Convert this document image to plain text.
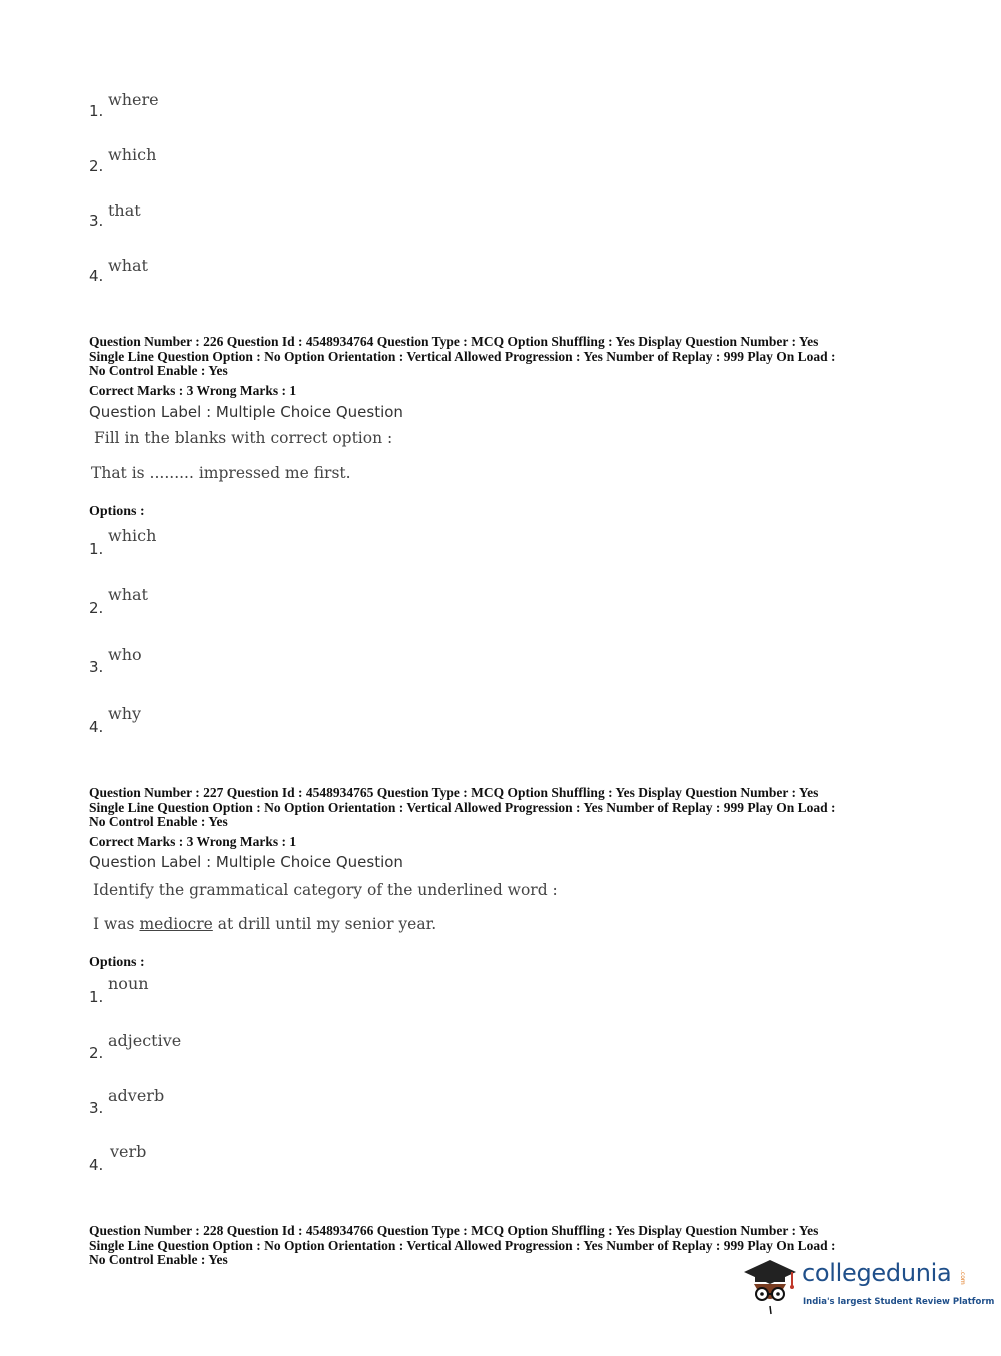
1.
where
2.
which
3.
that
4.
what
Question Number : 226 Question Id : 4548934764 Question Type : MCQ Option Shuffling : Yes Display Question Number : Yes
Single Line Question Option : No Option Orientation : Vertical Allowed Progression : Yes Number of Replay : 999 Play On Load :
No Control Enable : Yes
Correct Marks : 3 Wrong Marks : 1
Question Label : Multiple Choice Question
Fill in the blanks with correct option :
That is ......... impressed me first.
Options :
1.
which
2.
what
3.
who
4.
why
Question Number : 227 Question Id : 4548934765 Question Type : MCQ Option Shuffling : Yes Display Question Number : Yes
Single Line Question Option : No Option Orientation : Vertical Allowed Progression : Yes Number of Replay : 999 Play On Load :
No Control Enable : Yes
Correct Marks : 3 Wrong Marks : 1
Question Label : Multiple Choice Question
Identify the grammatical category of the underlined word :
I was mediocre at drill until my senior year.
Options :
1.
noun
2.
adjective
3.
adverb
4.
verb
Question Number : 228 Question Id : 4548934766 Question Type : MCQ Option Shuffling : Yes Display Question Number : Yes
Single Line Question Option : No Option Orientation : Vertical Allowed Progression : Yes Number of Replay : 999 Play On Load :
No Control Enable : Yes	collegedunia .com
India's largest Student Review Platform
